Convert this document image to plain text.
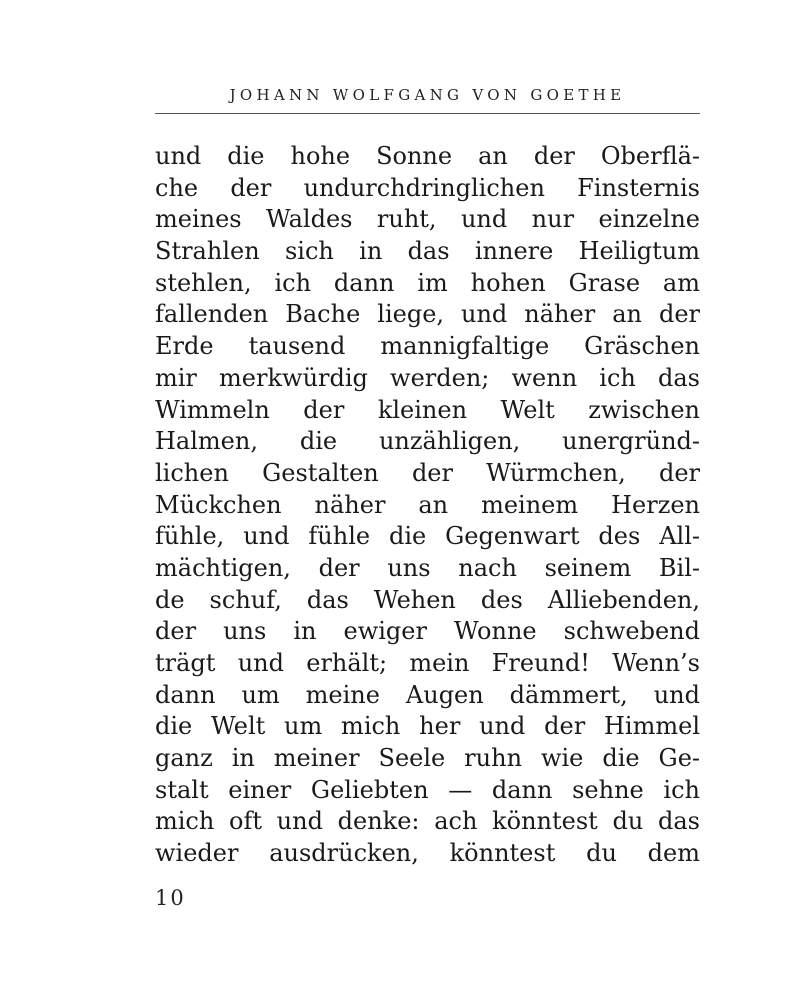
JOHANN WOLFGANG VON GOETHE
und die hohe Sonne an der Oberflä-
che der undurchdringlichen Finsternis
meines Waldes ruht, und nur einzelne
Strahlen sich in das innere Heiligtum
stehlen, ich dann im hohen Grase am
fallenden Bache liege, und näher an der
Erde tausend mannigfaltige Gräschen
mir merkwürdig werden; wenn ich das
Wimmeln der kleinen Welt zwischen
Halmen, die unzähligen, unergründ-
lichen Gestalten der Würmchen, der
Mückchen näher an meinem Herzen
fühle, und fühle die Gegenwart des All-
mächtigen, der uns nach seinem Bil-
de schuf, das Wehen des Alliebenden,
der uns in ewiger Wonne schwebend
trägt und erhält; mein Freund! Wenn’s
dann um meine Augen dämmert, und
die Welt um mich her und der Himmel
ganz in meiner Seele ruhn wie die Ge-
stalt einer Geliebten — dann sehne ich
mich oft und denke: ach könntest du das
wieder ausdrücken, könntest du dem
10
